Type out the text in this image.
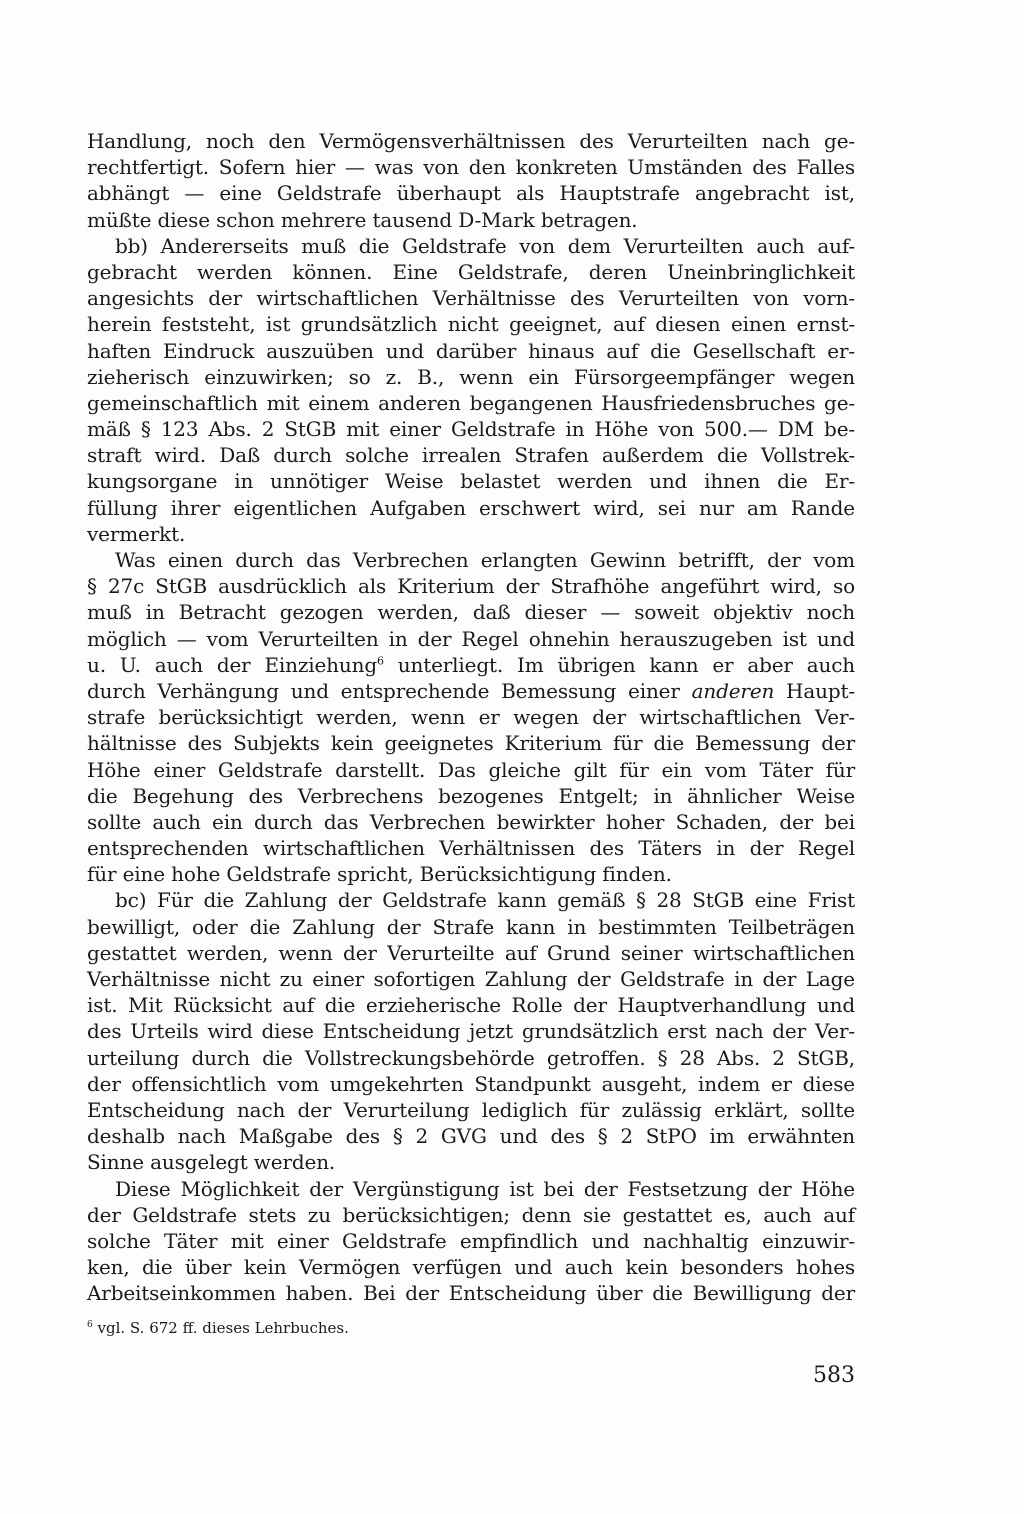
Handlung, noch den Vermögensverhältnissen des Verurteilten nach ge-
rechtfertigt. Sofern hier — was von den konkreten Umständen des Falles
abhängt — eine Geldstrafe überhaupt als Hauptstrafe angebracht ist,
müßte diese schon mehrere tausend D-Mark betragen.
bb) Andererseits muß die Geldstrafe von dem Verurteilten auch auf-
gebracht werden können. Eine Geldstrafe, deren Uneinbringlichkeit
angesichts der wirtschaftlichen Verhältnisse des Verurteilten von vorn-
herein feststeht, ist grundsätzlich nicht geeignet, auf diesen einen ernst-
haften Eindruck auszuüben und darüber hinaus auf die Gesellschaft er-
zieherisch einzuwirken; so z. B., wenn ein Fürsorgeempfänger wegen
gemeinschaftlich mit einem anderen begangenen Hausfriedensbruches ge-
mäß § 123 Abs. 2 StGB mit einer Geldstrafe in Höhe von 500.— DM be-
straft wird. Daß durch solche irrealen Strafen außerdem die Vollstrek-
kungsorgane in unnötiger Weise belastet werden und ihnen die Er-
füllung ihrer eigentlichen Aufgaben erschwert wird, sei nur am Rande
vermerkt.
Was einen durch das Verbrechen erlangten Gewinn betrifft, der vom
§ 27c StGB ausdrücklich als Kriterium der Strafhöhe angeführt wird, so
muß in Betracht gezogen werden, daß dieser — soweit objektiv noch
möglich — vom Verurteilten in der Regel ohnehin herauszugeben ist und
u. U. auch der Einziehung$^6$ unterliegt. Im übrigen kann er aber auch
durch Verhängung und entsprechende Bemessung einer anderen Haupt-
strafe berücksichtigt werden, wenn er wegen der wirtschaftlichen Ver-
hältnisse des Subjekts kein geeignetes Kriterium für die Bemessung der
Höhe einer Geldstrafe darstellt. Das gleiche gilt für ein vom Täter für
die Begehung des Verbrechens bezogenes Entgelt; in ähnlicher Weise
sollte auch ein durch das Verbrechen bewirkter hoher Schaden, der bei
entsprechenden wirtschaftlichen Verhältnissen des Täters in der Regel
für eine hohe Geldstrafe spricht, Berücksichtigung finden.
bc) Für die Zahlung der Geldstrafe kann gemäß § 28 StGB eine Frist
bewilligt, oder die Zahlung der Strafe kann in bestimmten Teilbeträgen
gestattet werden, wenn der Verurteilte auf Grund seiner wirtschaftlichen
Verhältnisse nicht zu einer sofortigen Zahlung der Geldstrafe in der Lage
ist. Mit Rücksicht auf die erzieherische Rolle der Hauptverhandlung und
des Urteils wird diese Entscheidung jetzt grundsätzlich erst nach der Ver-
urteilung durch die Vollstreckungsbehörde getroffen. § 28 Abs. 2 StGB,
der offensichtlich vom umgekehrten Standpunkt ausgeht, indem er diese
Entscheidung nach der Verurteilung lediglich für zulässig erklärt, sollte
deshalb nach Maßgabe des § 2 GVG und des § 2 StPO im erwähnten
Sinne ausgelegt werden.
Diese Möglichkeit der Vergünstigung ist bei der Festsetzung der Höhe
der Geldstrafe stets zu berücksichtigen; denn sie gestattet es, auch auf
solche Täter mit einer Geldstrafe empfindlich und nachhaltig einzuwir-
ken, die über kein Vermögen verfügen und auch kein besonders hohes
Arbeitseinkommen haben. Bei der Entscheidung über die Bewilligung der
$^6$ vgl. S. 672 ff. dieses Lehrbuches.
583
